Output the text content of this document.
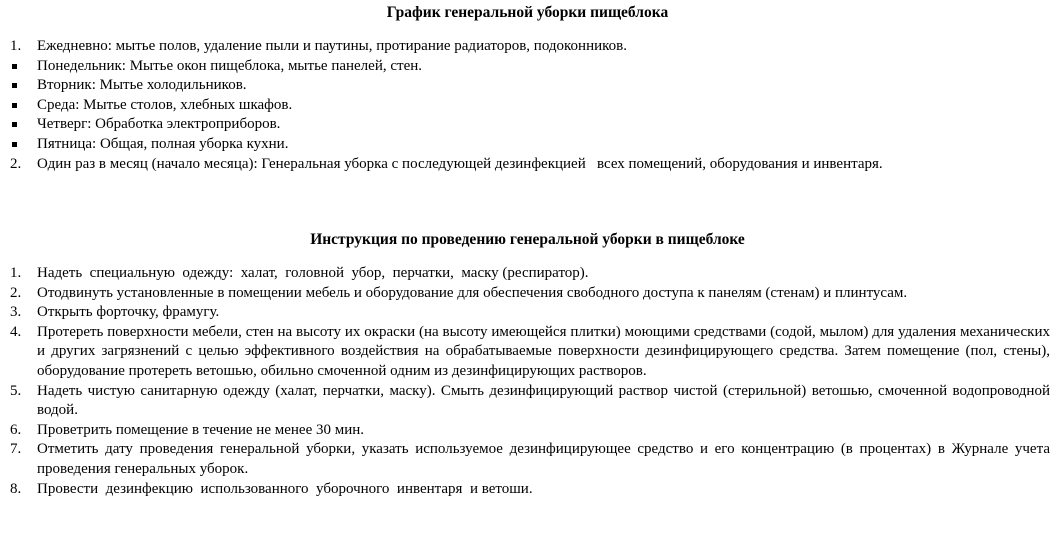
График генеральной уборки пищеблока
1.	Ежедневно: мытье полов, удаление пыли и паутины, протирание радиаторов, подоконников.
Понедельник: Мытье окон пищеблока, мытье панелей, стен.
Вторник: Мытье холодильников.
Среда: Мытье столов, хлебных шкафов.
Четверг: Обработка электроприборов.
Пятница: Общая, полная уборка кухни.
2.	Один раз в месяц (начало месяца): Генеральная уборка с последующей дезинфекцией   всех помещений, оборудования и инвентаря.
Инструкция по проведению генеральной уборки в пищеблоке
1.	Надеть  специальную  одежду:  халат,  головной  убор,  перчатки,  маску (респиратор).
2.	Отодвинуть установленные в помещении мебель и оборудование для обеспечения свободного доступа к панелям (стенам) и плинтусам.
3.	Открыть форточку, фрамугу.
4.	Протереть поверхности мебели, стен на высоту их окраски (на высоту имеющейся плитки) моющими средствами (содой, мылом) для удаления механических и других загрязнений с целью эффективного воздействия на обрабатываемые поверхности дезинфицирующего средства. Затем помещение (пол, стены), оборудование протереть ветошью, обильно смоченной одним из дезинфицирующих растворов.
5.	Надеть чистую санитарную одежду (халат, перчатки, маску). Смыть дезинфицирующий раствор чистой (стерильной) ветошью, смоченной водопроводной водой.
6.	Проветрить помещение в течение не менее 30 мин.
7.	Отметить дату проведения генеральной уборки, указать используемое дезинфицирующее средство и его концентрацию (в процентах) в Журнале учета проведения генеральных уборок.
8.	Провести  дезинфекцию  использованного  уборочного  инвентаря  и ветоши.
